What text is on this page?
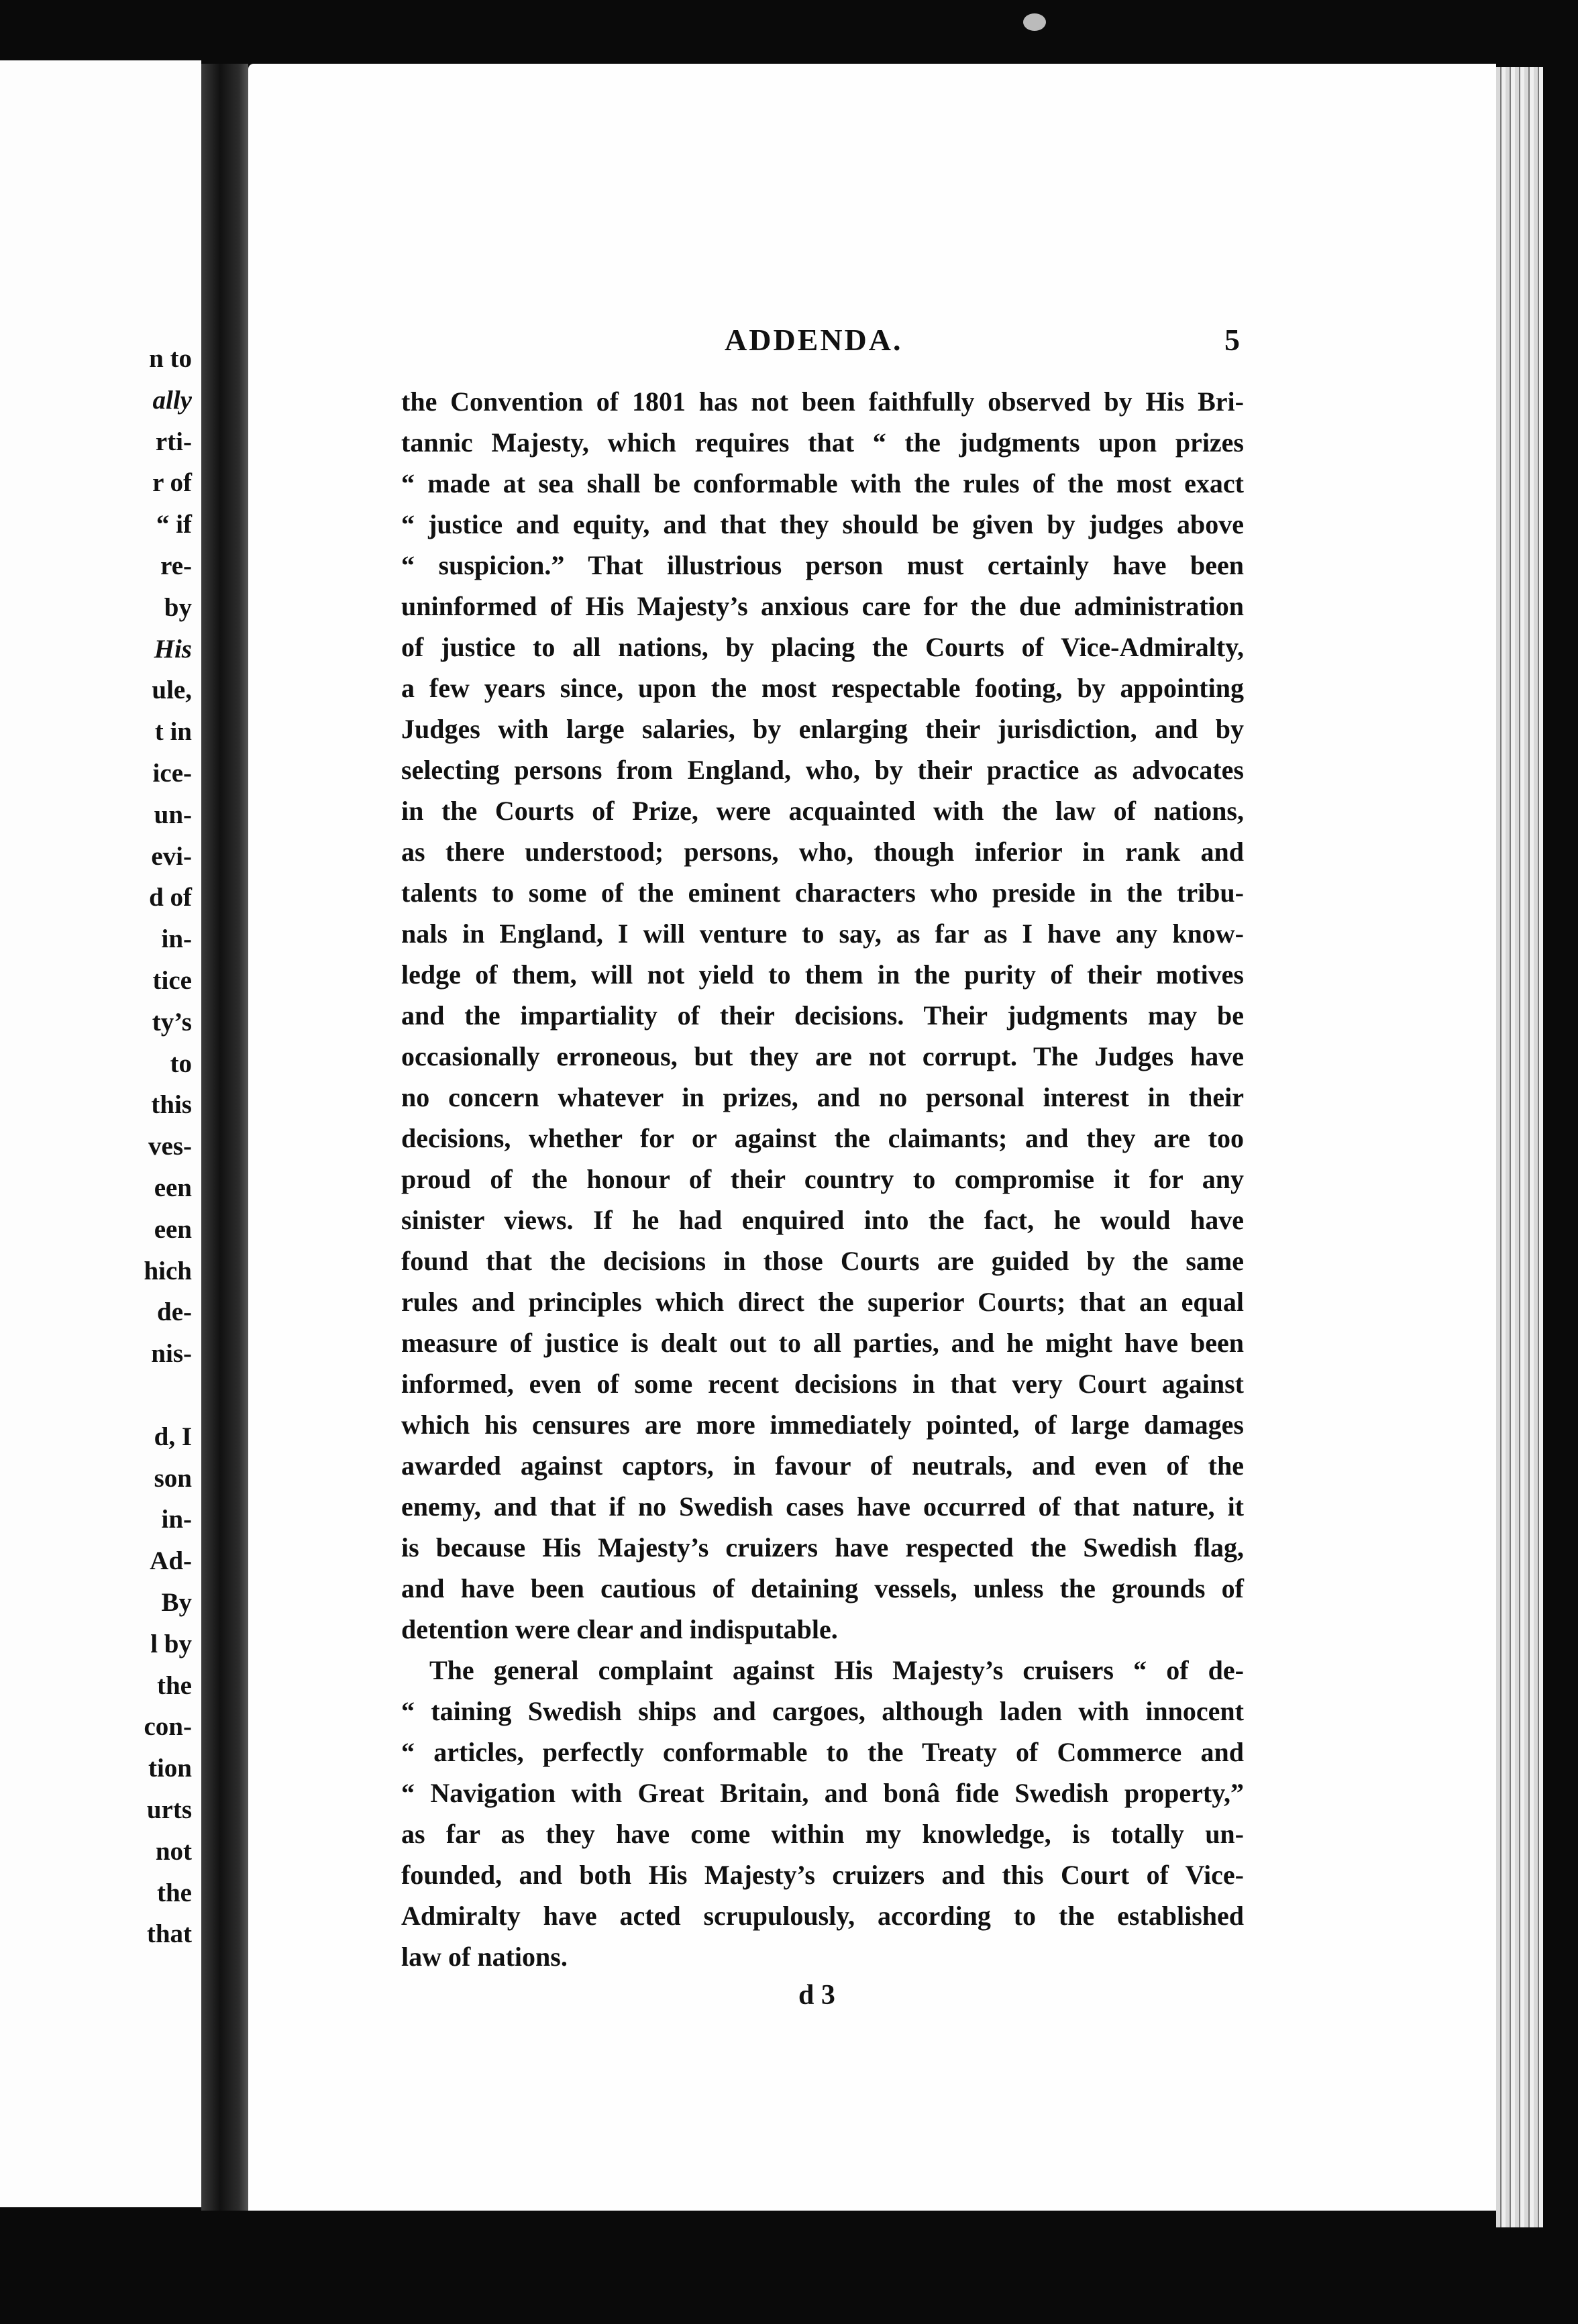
n to
ally
rti-
r of
“ if
re-
by
His
ule,
t in
ice-
un-
evi-
d of
in-
tice
ty’s
to
this
ves-
een
een
hich
de-
nis-
d, I
son
in-
Ad-
By
l by
the
con-
tion
urts
not
the
that
ADDENDA.	5
the Convention of 1801 has not been faithfully observed by His Bri-
tannic Majesty, which requires that “ the judgments upon prizes
“ made at sea shall be conformable with the rules of the most exact
“ justice and equity, and that they should be given by judges above
“ suspicion.” That illustrious person must certainly have been
uninformed of His Majesty’s anxious care for the due administration
of justice to all nations, by placing the Courts of Vice-Admiralty,
a few years since, upon the most respectable footing, by appointing
Judges with large salaries, by enlarging their jurisdiction, and by
selecting persons from England, who, by their practice as advocates
in the Courts of Prize, were acquainted with the law of nations,
as there understood; persons, who, though inferior in rank and
talents to some of the eminent characters who preside in the tribu-
nals in England, I will venture to say, as far as I have any know-
ledge of them, will not yield to them in the purity of their motives
and the impartiality of their decisions. Their judgments may be
occasionally erroneous, but they are not corrupt. The Judges have
no concern whatever in prizes, and no personal interest in their
decisions, whether for or against the claimants; and they are too
proud of the honour of their country to compromise it for any
sinister views. If he had enquired into the fact, he would have
found that the decisions in those Courts are guided by the same
rules and principles which direct the superior Courts; that an equal
measure of justice is dealt out to all parties, and he might have been
informed, even of some recent decisions in that very Court against
which his censures are more immediately pointed, of large damages
awarded against captors, in favour of neutrals, and even of the
enemy, and that if no Swedish cases have occurred of that nature, it
is because His Majesty’s cruizers have respected the Swedish flag,
and have been cautious of detaining vessels, unless the grounds of
detention were clear and indisputable.
The general complaint against His Majesty’s cruisers “ of de-
“ taining Swedish ships and cargoes, although laden with innocent
“ articles, perfectly conformable to the Treaty of Commerce and
“ Navigation with Great Britain, and bonâ fide Swedish property,”
as far as they have come within my knowledge, is totally un-
founded, and both His Majesty’s cruizers and this Court of Vice-
Admiralty have acted scrupulously, according to the established
law of nations.
d 3
